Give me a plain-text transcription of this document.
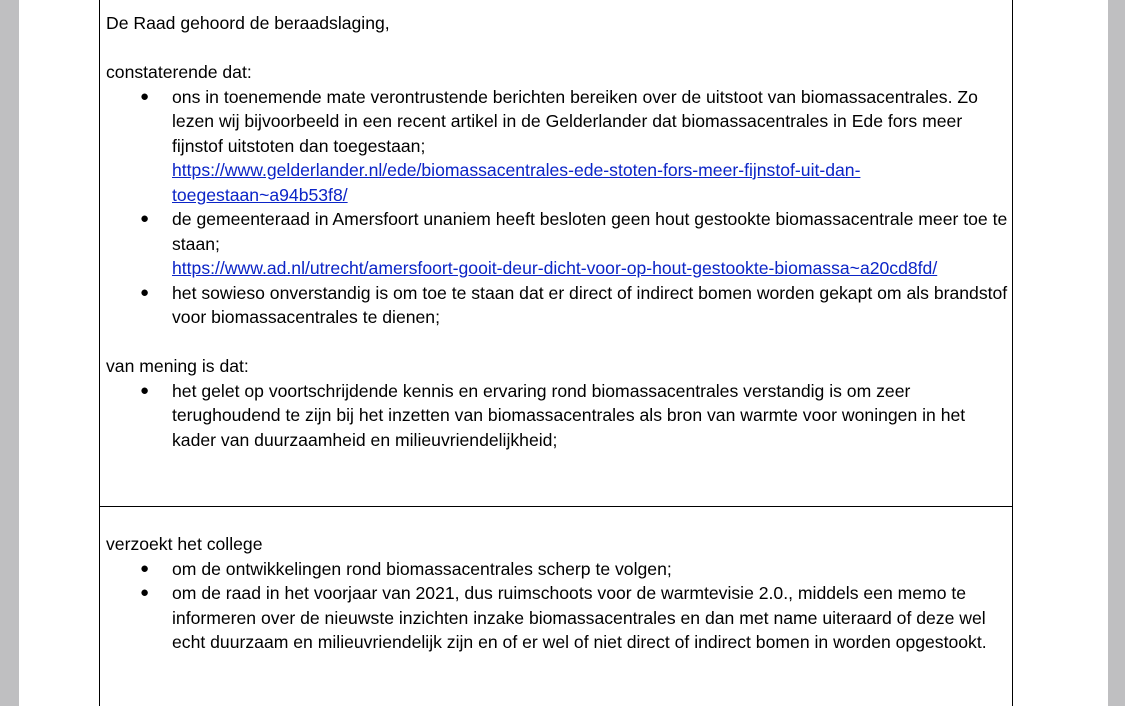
De Raad gehoord de beraadslaging,

constaterende dat:

● ons in toenemende mate verontrustende berichten bereiken over de uitstoot van biomassacentrales. Zo lezen wij bijvoorbeeld in een recent artikel in de Gelderlander dat biomassacentrales in Ede fors meer fijnstof uitstoten dan toegestaan;
https://www.gelderlander.nl/ede/biomassacentrales-ede-stoten-fors-meer-fijnstof-uit-dan-toegestaan~a94b53f8/
● de gemeenteraad in Amersfoort unaniem heeft besloten geen hout gestookte biomassacentrale meer toe te staan;
https://www.ad.nl/utrecht/amersfoort-gooit-deur-dicht-voor-op-hout-gestookte-biomassa~a20cd8fd/
● het sowieso onverstandig is om toe te staan dat er direct of indirect bomen worden gekapt om als brandstof voor biomassacentrales te dienen;

van mening is dat:

● het gelet op voortschrijdende kennis en ervaring rond biomassacentrales verstandig is om zeer terughoudend te zijn bij het inzetten van biomassacentrales als bron van warmte voor woningen in het kader van duurzaamheid en milieuvriendelijkheid;

verzoekt het college

● om de ontwikkelingen rond biomassacentrales scherp te volgen;
● om de raad in het voorjaar van 2021, dus ruimschoots voor de warmtevisie 2.0., middels een memo te informeren over de nieuwste inzichten inzake biomassacentrales en dan met name uiteraard of deze wel echt duurzaam en milieuvriendelijk zijn en of er wel of niet direct of indirect bomen in worden opgestookt.
